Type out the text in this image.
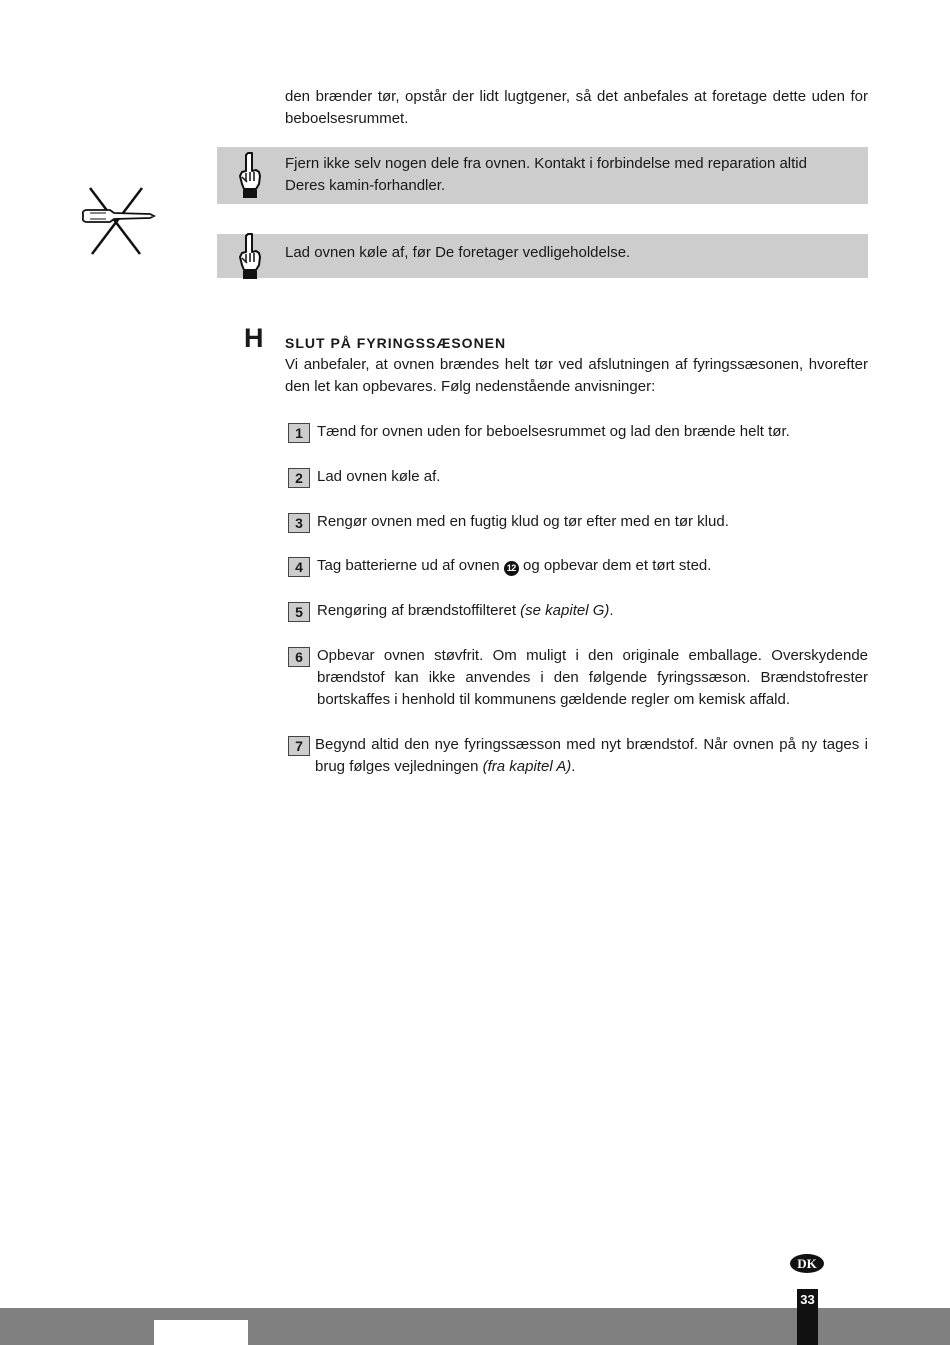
den brænder tør, opstår der lidt lugtgener, så det anbefales at foretage dette uden for beboelsesrummet.

Fjern ikke selv nogen dele fra ovnen. Kontakt i forbindelse med reparation altid Deres kamin-forhandler.
Lad ovnen køle af, før De foretager vedligeholdelse.
H SLUT PÅ FYRINGSSÆSONEN

Vi anbefaler, at ovnen brændes helt tør ved afslutningen af fyringssæsonen, hvorefter den let kan opbevares. Følg nedenstående anvisninger:

1 Tænd for ovnen uden for beboelsesrummet og lad den brænde helt tør.
2 Lad ovnen køle af.
3 Rengør ovnen med en fugtig klud og tør efter med en tør klud.
4 Tag batterierne ud af ovnen 12 og opbevar dem et tørt sted.
5 Rengøring af brændstoffilteret (se kapitel G).
6 Opbevar ovnen støvfrit. Om muligt i den originale emballage. Overskydende brændstof kan ikke anvendes i den følgende fyringssæson. Brændstofrester bortskaffes i henhold til kommunens gældende regler om kemisk affald.
7 Begynd altid den nye fyringssæsson med nyt brændstof. Når ovnen på ny tages i brug følges vejledningen (fra kapitel A).
DK
33
